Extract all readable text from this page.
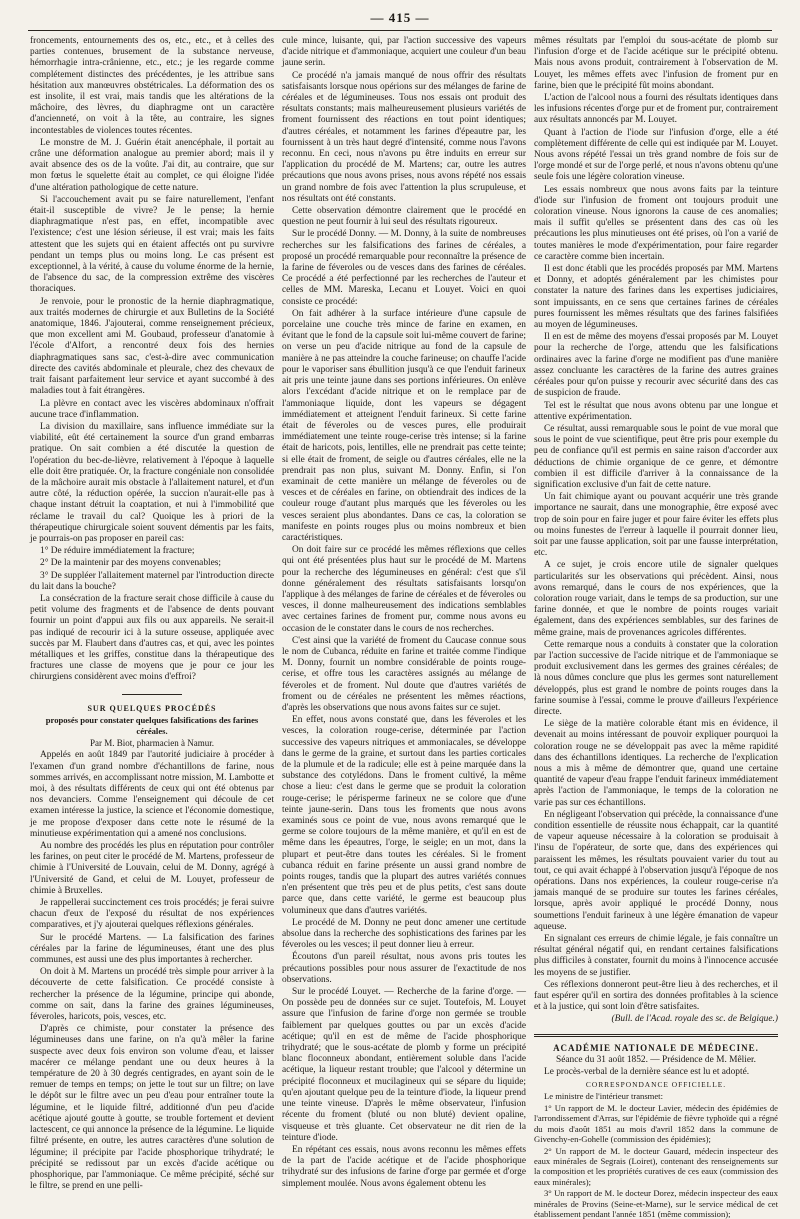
— 415 —

froncements, entournements des os, etc., etc., et à celles des parties contenues, brusement de la substance nerveuse, hémorrhagie intra-crânienne, etc., etc.; je les regarde comme complétement distinctes des précédentes, je les attribue sans hésitation aux manœuvres obstétricales. La déformation des os est insolite, il est vrai, mais tandis que les altérations de la mâchoire, des lèvres, du diaphragme ont un caractère d'ancienneté, on voit à la tête, au contraire, les signes incontestables de violences toutes récentes.

Le monstre de M. J. Guérin était anencéphale, il portait au crâne une déformation analogue au premier abord; mais il y avait absence des os de la voûte. J'ai dit, au contraire, que sur mon fœtus le squelette était au complet, ce qui éloigne l'idée d'une altération pathologique de cette nature.

Si l'accouchement avait pu se faire naturellement, l'enfant était-il susceptible de vivre? Je le pense; la hernie diaphragmatique n'est pas, en effet, incompatible avec l'existence; c'est une lésion sérieuse, il est vrai; mais les faits attestent que les sujets qui en étaient affectés ont pu survivre pendant un temps plus ou moins long. Le cas présent est exceptionnel, à la vérité, à cause du volume énorme de la hernie, de l'absence du sac, de la compression extrême des viscères thoraciques.

Je renvoie, pour le pronostic de la hernie diaphragmatique, aux traités modernes de chirurgie et aux Bulletins de la Société anatomique, 1846. J'ajouterai, comme renseignement précieux, que mon excellent ami M. Goubaud, professeur d'anatomie à l'école d'Alfort, a rencontré deux fois des hernies diaphragmatiques sans sac, c'est-à-dire avec communication directe des cavités abdominale et pleurale, chez des chevaux de trait faisant parfaitement leur service et ayant succombé à des maladies tout à fait étrangères.

La plèvre en contact avec les viscères abdominaux n'offrait aucune trace d'inflammation.

La division du maxillaire, sans influence immédiate sur la viabilité, eût été certainement la source d'un grand embarras pratique. On sait combien a été discutée la question de l'opération du bec-de-lièvre, relativement à l'époque à laquelle elle doit être pratiquée. Or, la fracture congéniale non consolidée de la mâchoire aurait mis obstacle à l'allaitement naturel, et d'un autre côté, la réduction opérée, la succion n'aurait-elle pas à chaque instant détruit la coaptation, et nui à l'immobilité que réclame le travail du cal? Quoique les à priori de la thérapeutique chirurgicale soient souvent démentis par les faits, je pourrais-on pas proposer en pareil cas:

1° De réduire immédiatement la fracture;

2° De la maintenir par des moyens convenables;

3° De suppléer l'allaitement maternel par l'introduction directe du lait dans la bouche?

La consécration de la fracture serait chose difficile à cause du petit volume des fragments et de l'absence de dents pouvant fournir un point d'appui aux fils ou aux appareils. Ne serait-il pas indiqué de recourir ici à la suture osseuse, appliquée avec succès par M. Flaubert dans d'autres cas, et qui, avec les pointes métalliques et les griffes, constitue dans la thérapeutique des fractures une classe de moyens que je pour ce jour les chirurgiens considèrent avec moins d'effroi?

SUR QUELQUES PROCÉDÉS

proposés pour constater quelques falsifications des farines céréales.

Par M. Biot, pharmacien à Namur.

Appelés en août 1849 par l'autorité judiciaire à procéder à l'examen d'un grand nombre d'échantillons de farine, nous sommes arrivés, en accomplissant notre mission, M. Lambotte et moi, à des résultats différents de ceux qui ont été obtenus par nos devanciers. Comme l'enseignement qui découle de cet examen intéresse la justice, la science et l'économie domestique, je me propose d'exposer dans cette note le résumé de la minutieuse expérimentation qui a amené nos conclusions.

Au nombre des procédés les plus en réputation pour contrôler les farines, on peut citer le procédé de M. Martens, professeur de chimie à l'Université de Louvain, celui de M. Donny, agrégé à l'Université de Gand, et celui de M. Louyet, professeur de chimie à Bruxelles.

Je rappellerai succinctement ces trois procédés; je ferai suivre chacun d'eux de l'exposé du résultat de nos expériences comparatives, et j'y ajouterai quelques réflexions générales.

Sur le procédé Martens. — La falsification des farines céréales par la farine de légumineuses, étant une des plus communes, est aussi une des plus importantes à rechercher.

On doit à M. Martens un procédé très simple pour arriver à la découverte de cette falsification. Ce procédé consiste à rechercher la présence de la légumine, principe qui abonde, comme on sait, dans la farine des graines légumineuses, féveroles, haricots, pois, vesces, etc.

D'après ce chimiste, pour constater la présence des légumineuses dans une farine, on n'a qu'à mêler la farine suspecte avec deux fois environ son volume d'eau, et laisser macérer ce mélange pendant une ou deux heures à la température de 20 à 30 degrés centigrades, en ayant soin de le remuer de temps en temps; on jette le tout sur un filtre; on lave le dépôt sur le filtre avec un peu d'eau pour entraîner toute la légumine, et le liquide filtré, additionné d'un peu d'acide acétique ajouté goutte à goutte, se trouble fortement et devient lactescent, ce qui annonce la présence de la légumine. Le liquide filtré présente, en outre, les autres caractères d'une solution de légumine; il précipite par l'acide phosphorique trihydraté; le précipité se redissout par un excès d'acide acétique ou phosphorique, par l'ammoniaque. Ce même précipité, séché sur le filtre, se prend en une pelli-

cule mince, luisante, qui, par l'action successive des vapeurs d'acide nitrique et d'ammoniaque, acquiert une couleur d'un beau jaune serin.

Ce procédé n'a jamais manqué de nous offrir des résultats satisfaisants lorsque nous opérions sur des mélanges de farine de céréales et de légumineuses. Tous nos essais ont produit des résultats constants; mais malheureusement plusieurs variétés de froment fournissent des réactions en tout point identiques; d'autres céréales, et notamment les farines d'épeautre par, les fournissent à un très haut degré d'intensité, comme nous l'avons reconnu. En ceci, nous n'avons pu être induits en erreur sur l'application du procédé de M. Martens; car, outre les autres précautions que nous avons prises, nous avons répété nos essais un grand nombre de fois avec l'attention la plus scrupuleuse, et nos résultats ont été constants.

Cette observation démontre clairement que le procédé en question ne peut fournir à lui seul des résultats rigoureux.

Sur le procédé Donny. — M. Donny, à la suite de nombreuses recherches sur les falsifications des farines de céréales, a proposé un procédé remarquable pour reconnaître la présence de la farine de féveroles ou de vesces dans des farines de céréales. Ce procédé a été perfectionné par les recherches de l'auteur et celles de MM. Mareska, Lecanu et Louyet. Voici en quoi consiste ce procédé:

On fait adhérer à la surface intérieure d'une capsule de porcelaine une couche très mince de farine en examen, en évitant que le fond de la capsule soit lui-même couvert de farine; on verse un peu d'acide nitrique au fond de la capsule de manière à ne pas atteindre la couche farineuse; on chauffe l'acide pour le vaporiser sans ébullition jusqu'à ce que l'enduit farineux ait pris une teinte jaune dans ses portions inférieures. On enlève alors l'excédant d'acide nitrique et on le remplace par de l'ammoniaque liquide, dont les vapeurs se dégagent immédiatement et atteignent l'enduit farineux. Si cette farine était de féveroles ou de vesces pures, elle produirait immédiatement une teinte rouge-cerise très intense; si la farine était de haricots, pois, lentilles, elle ne prendrait pas cette teinte; si elle était de froment, de seigle ou d'autres céréales, elle ne la prendrait pas non plus, suivant M. Donny. Enfin, si l'on examinait de cette manière un mélange de féveroles ou de vesces et de céréales en farine, on obtiendrait des indices de la couleur rouge d'autant plus marqués que les féveroles ou les vesces seraient plus abondantes. Dans ce cas, la coloration se manifeste en points rouges plus ou moins nombreux et bien caractéristiques.

On doit faire sur ce procédé les mêmes réflexions que celles qui ont été présentées plus haut sur le procédé de M. Martens pour la recherche des légumineuses en général: c'est que s'il donne généralement des résultats satisfaisants lorsqu'on l'applique à des mélanges de farine de céréales et de féveroles ou vesces, il donne malheureusement des indications semblables avec certaines farines de froment pur, comme nous avons eu occasion de le constater dans le cours de nos recherches.

C'est ainsi que la variété de froment du Caucase connue sous le nom de Cubanca, réduite en farine et traitée comme l'indique M. Donny, fournit un nombre considérable de points rouge-cerise, et offre tous les caractères assignés au mélange de féveroles et de froment. Nul doute que d'autres variétés de froment ou de céréales ne présentent les mêmes réactions, d'après les observations que nous avons faites sur ce sujet.

En effet, nous avons constaté que, dans les féveroles et les vesces, la coloration rouge-cerise, déterminée par l'action successive des vapeurs nitriques et ammoniacales, se développe dans le germe de la graine, et surtout dans les parties corticales de la plumule et de la radicule; elle est à peine marquée dans la substance des cotylédons. Dans le froment cultivé, la même chose a lieu: c'est dans le germe que se produit la coloration rouge-cerise; le périsperme farineux ne se colore que d'une teinte jaune-serin. Dans tous les froments que nous avons examinés sous ce point de vue, nous avons remarqué que le germe se colore toujours de la même manière, et qu'il en est de même dans les épeautres, l'orge, le seigle; en un mot, dans la plupart et peut-être dans toutes les céréales. Si le froment cubanca réduit en farine présente un aussi grand nombre de points rouges, tandis que la plupart des autres variétés connues n'en présentent que très peu et de plus petits, c'est sans doute parce que, dans cette variété, le germe est beaucoup plus volumineux que dans d'autres variétés.

Le procédé de M. Donny ne peut donc amener une certitude absolue dans la recherche des sophistications des farines par les féveroles ou les vesces; il peut donner lieu à erreur.

Écoutons d'un pareil résultat, nous avons pris toutes les précautions possibles pour nous assurer de l'exactitude de nos observations.

Sur le procédé Louyet. — Recherche de la farine d'orge. — On possède peu de données sur ce sujet. Toutefois, M. Louyet assure que l'infusion de farine d'orge non germée se trouble faiblement par quelques gouttes ou par un excès d'acide acétique; qu'il en est de même de l'acide phosphorique trihydraté; que le sous-acétate de plomb y forme un précipité blanc floconneux abondant, entièrement soluble dans l'acide acétique, la liqueur restant trouble; que l'alcool y détermine un précipité floconneux et mucilagineux qui se sépare du liquide; qu'en ajoutant quelque peu de la teinture d'iode, la liqueur prend une teinte vineuse. D'après le même observateur, l'infusion récente du froment (bluté ou non bluté) devient opaline, visqueuse et très gluante. Cet observateur ne dit rien de la teinture d'iode.

En répétant ces essais, nous avons reconnu les mêmes effets de la part de l'acide acétique et de l'acide phosphorique trihydraté sur des infusions de farine d'orge par germée et d'orge simplement moulée. Nous avons également obtenu les

mêmes résultats par l'emploi du sous-acétate de plomb sur l'infusion d'orge et de l'acide acétique sur le précipité obtenu. Mais nous avons produit, contrairement à l'observation de M. Louyet, les mêmes effets avec l'infusion de froment pur en farine, bien que le précipité fût moins abondant.

L'action de l'alcool nous a fourni des résultats identiques dans les infusions récentes d'orge pur et de froment pur, contrairement aux résultats annoncés par M. Louyet.

Quant à l'action de l'iode sur l'infusion d'orge, elle a été complètement différente de celle qui est indiquée par M. Louyet. Nous avons répété l'essai un très grand nombre de fois sur de l'orge mondé et sur de l'orge perlé, et nous n'avons obtenu qu'une seule fois une légère coloration vineuse.

Les essais nombreux que nous avons faits par la teinture d'iode sur l'infusion de froment ont toujours produit une coloration vineuse. Nous ignorons la cause de ces anomalies; mais il suffit qu'elles se présentent dans des cas où les précautions les plus minutieuses ont été prises, où l'on a varié de toutes manières le mode d'expérimentation, pour faire regarder ce caractère comme bien incertain.

Il est donc établi que les procédés proposés par MM. Martens et Donny, et adoptés généralement par les chimistes pour constater la nature des farines dans les expertises judiciaires, sont impuissants, en ce sens que certaines farines de céréales pures fournissent les mêmes résultats que des farines falsifiées au moyen de légumineuses.

Il en est de même des moyens d'essai proposés par M. Louyet pour la recherche de l'orge, attendu que les falsifications ordinaires avec la farine d'orge ne modifient pas d'une manière assez concluante les caractères de la farine des autres graines céréales pour qu'on puisse y recourir avec sécurité dans des cas de suspicion de fraude.

Tel est le résultat que nous avons obtenu par une longue et attentive expérimentation.

Ce résultat, aussi remarquable sous le point de vue moral que sous le point de vue scientifique, peut être pris pour exemple du peu de confiance qu'il est permis en saine raison d'accorder aux déductions de chimie organique de ce genre, et démontre combien il est difficile d'arriver à la connaissance de la signification exclusive d'un fait de cette nature.

Un fait chimique ayant ou pouvant acquérir une très grande importance ne saurait, dans une monographie, être exposé avec trop de soin pour en faire juger et pour faire éviter les effets plus ou moins funestes de l'erreur à laquelle il pourrait donner lieu, soit par une fausse application, soit par une fausse interprétation, etc.

A ce sujet, je crois encore utile de signaler quelques particularités sur les observations qui précèdent. Ainsi, nous avons remarqué, dans le cours de nos expériences, que la coloration rouge variait, dans le temps de sa production, sur une farine donnée, et que le nombre de points rouges variait également, dans des expériences semblables, sur des farines de même graine, mais de provenances agricoles différentes.

Cette remarque nous a conduits à constater que la coloration par l'action successive de l'acide nitrique et de l'ammoniaque se produit exclusivement dans les germes des graines céréales; de là nous dûmes conclure que plus les germes sont naturellement développés, plus est grand le nombre de points rouges dans la farine soumise à l'essai, comme le prouve d'ailleurs l'expérience directe.

Le siège de la matière colorable étant mis en évidence, il devenait au moins intéressant de pouvoir expliquer pourquoi la coloration rouge ne se développait pas avec la même rapidité dans des échantillons identiques. La recherche de l'explication nous a mis à même de démontrer que, quand une certaine quantité de vapeur d'eau frappe l'enduit farineux immédiatement après l'action de l'ammoniaque, le temps de la coloration ne varie pas sur ces échantillons.

En négligeant l'observation qui précède, la connaissance d'une condition essentielle de réussite nous échappait, car la quantité de vapeur aqueuse nécessaire à la coloration se produisait à l'insu de l'opérateur, de sorte que, dans des expériences qui paraissent les mêmes, les résultats pouvaient varier du tout au tout, ce qui avait échappé à l'observation jusqu'à l'époque de nos opérations. Dans nos expériences, la couleur rouge-cerise n'a jamais manqué de se produire sur toutes les farines céréales, lorsque, après avoir appliqué le procédé Donny, nous soumettions l'enduit farineux à une légère émanation de vapeur aqueuse.

En signalant ces erreurs de chimie légale, je fais connaître un résultat général négatif qui, en rendant certaines falsifications plus difficiles à constater, fournit du moins à l'innocence accusée les moyens de se justifier.

Ces réflexions donneront peut-être lieu à des recherches, et il faut espérer qu'il en sortira des données profitables à la science et à la justice, qui sont loin d'être satisfaites.

(Bull. de l'Acad. royale des sc. de Belgique.)

ACADÉMIE NATIONALE DE MÉDECINE.

Séance du 31 août 1852. — Présidence de M. Mêlier.

Le procès-verbal de la dernière séance est lu et adopté.

CORRESPONDANCE OFFICIELLE.

Le ministre de l'intérieur transmet:

1° Un rapport de M. le docteur Lavier, médecin des épidémies de l'arrondissement d'Arras, sur l'épidémie de fièvre typhoïde qui a régné du mois d'août 1851 au mois d'avril 1852 dans la commune de Givenchy-en-Gohelle (commission des épidémies);

2° Un rapport de M. le docteur Gauard, médecin inspecteur des eaux minérales de Segrais (Loiret), contenant des renseignements sur la composition et les propriétés curatives de ces eaux (commission des eaux minérales);

3° Un rapport de M. le docteur Dorez, médecin inspecteur des eaux minérales de Provins (Seine-et-Marne), sur le service médical de cet établissement pendant l'année 1851 (même commission);
